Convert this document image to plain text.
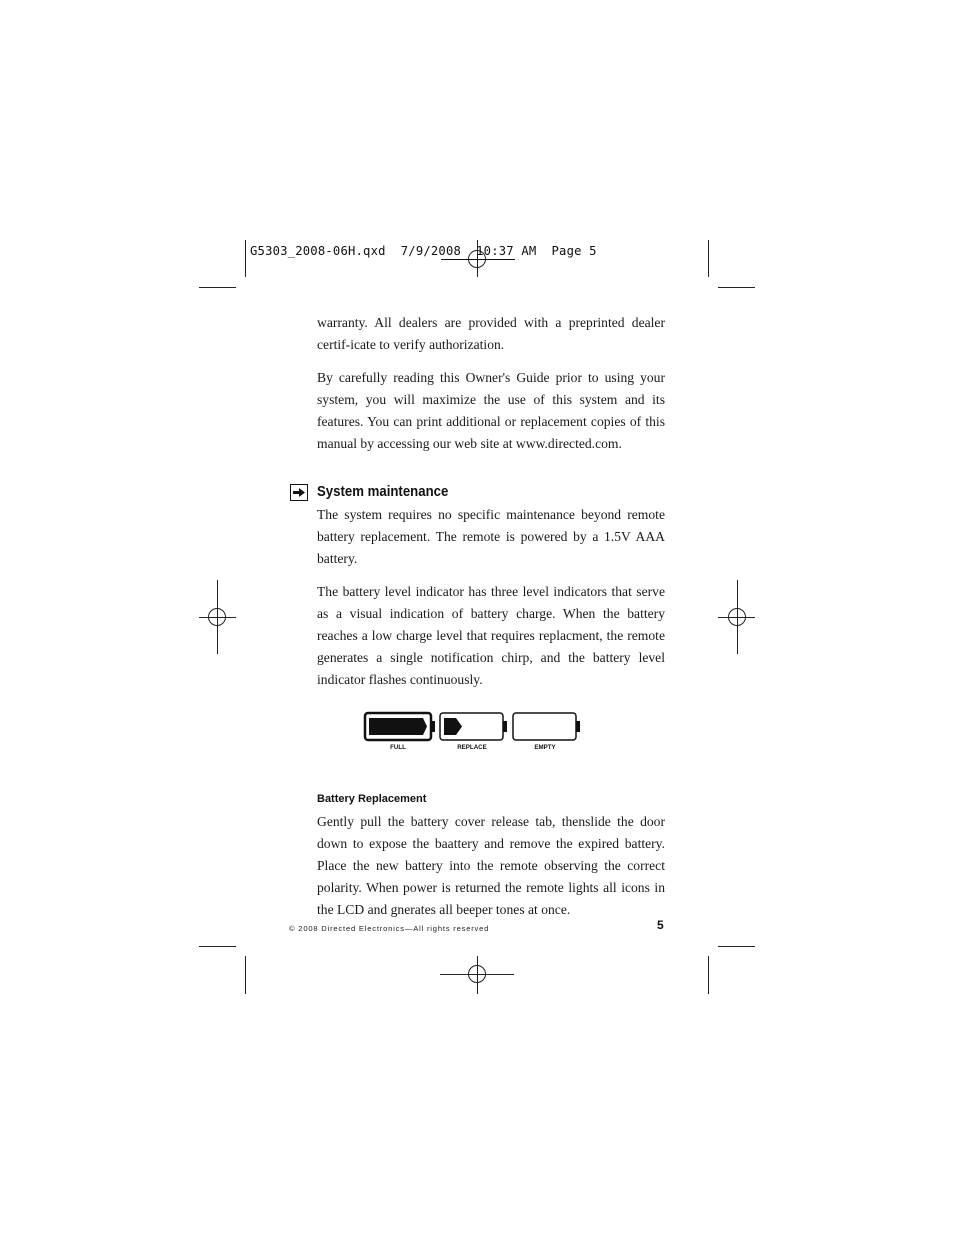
G5303_2008-06H.qxd  7/9/2008  10:37 AM  Page 5

warranty. All dealers are provided with a preprinted dealer certif-icate to verify authorization.

By carefully reading this Owner's Guide prior to using your system, you will maximize the use of this system and its features. You can print additional or replacement copies of this manual by accessing our web site at www.directed.com.

System maintenance

The system requires no specific maintenance beyond remote battery replacement. The remote is powered by a 1.5V AAA battery.

The battery level indicator has three level indicators that serve as a visual indication of battery charge. When the battery reaches a low charge level that requires replacment, the remote generates a single notification chirp, and the battery level indicator flashes continuously.

FULL	REPLACE	EMPTY
Battery Replacement

Gently pull the battery cover release tab, thenslide the door down to expose the baattery and remove the expired battery. Place the new battery into the remote observing the correct polarity. When power is returned the remote lights all icons in the LCD and gnerates all beeper tones at once.

© 2008 Directed Electronics—All rights reserved	5
